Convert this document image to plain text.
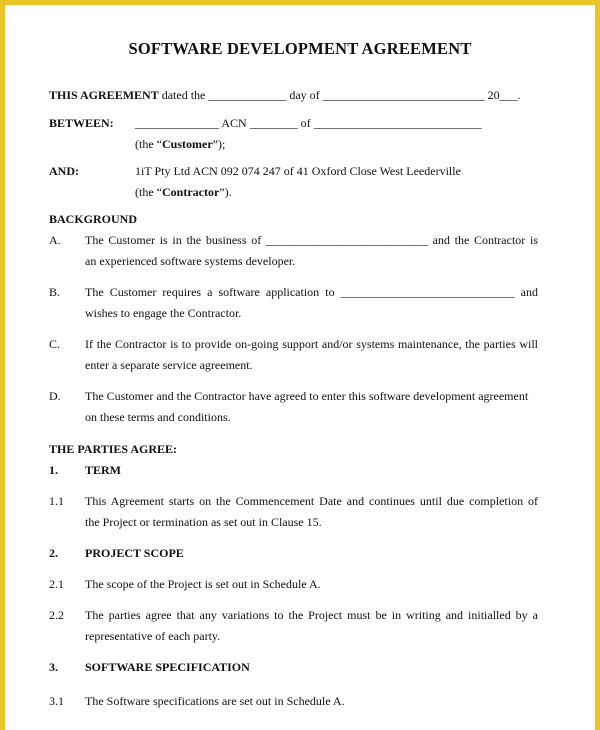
SOFTWARE DEVELOPMENT AGREEMENT
THIS AGREEMENT dated the _____________ day of ___________________________ 20___.
BETWEEN: ______________ ACN ________ of ____________________________
(the “Customer”);
AND:	1iT Pty Ltd ACN 092 074 247 of 41 Oxford Close West Leederville
(the “Contractor”).
BACKGROUND
A. The Customer is in the business of ___________________________ and the Contractor is
an experienced software systems developer.
B. The Customer requires a software application to _____________________________ and
wishes to engage the Contractor.
C. If the Contractor is to provide on-going support and/or systems maintenance, the parties will
enter a separate service agreement.
D. The Customer and the Contractor have agreed to enter this software development agreement
on these terms and conditions.
THE PARTIES AGREE:
1. TERM
1.1 This Agreement starts on the Commencement Date and continues until due completion of
the Project or termination as set out in Clause 15.
2. PROJECT SCOPE
2.1 The scope of the Project is set out in Schedule A.
2.2 The parties agree that any variations to the Project must be in writing and initialled by a
representative of each party.
3. SOFTWARE SPECIFICATION
3.1 The Software specifications are set out in Schedule A.
